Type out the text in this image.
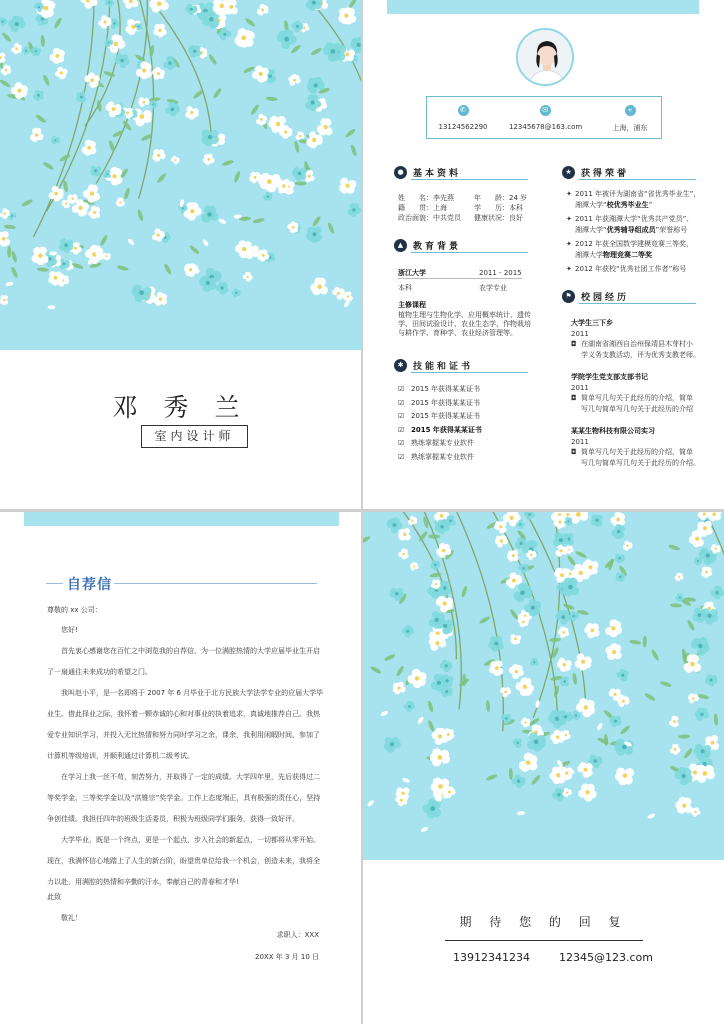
邓 秀 兰
室内设计师
✆
13124562290
✉
12345678@163.com
⌖
上海，浦东
●	基本资料
姓　　名：李先燕	年　　龄：24 岁
籍　　贯：上海	学　　历：本科
政治面貌：中共党员 健康状况：良好
▲	教育背景
浙江大学	2011 - 2015
本科	农学专业
主修课程
植物生理与生物化学、应用概率统计、遗传
学、田间试验设计、农业生态学、作物栽培
与耕作学、育种学、农业经济管理等。
✱	技能和证书
★	获得荣誉
⚑	校园经历
☑ 2015 年获得某某证书
☑ 2015 年获得某某证书
☑ 2015 年获得某某证书
☑ 2015 年获得某某证书
☑ 熟练掌握某专业软件
☑ 熟练掌握某专业软件
✦ 2011 年被评为湖南省“省优秀毕业生”，
湘潭大学“校优秀毕业生”
✦ 2011 年获湘潭大学“优秀共产党员”、
湘潭大学“优秀辅导组成员”荣誉称号
✦ 2012 年获全国数学建模竞赛三等奖，
湘潭大学物理竞赛二等奖
✦ 2012 年获校“优秀社团工作者”称号
大学生三下乡
2011
◘ 在湖南省湘西自治州保靖县木芽村小
学义务支教活动，评为优秀支教老师。
学院学生党支部支部书记
2011
◘ 简单写几句关于此经历的介绍，简单
写几句简单写几句关于此经历的介绍
某某生物科技有限公司实习
2011
◘ 简单写几句关于此经历的介绍，简单
写几句简单写几句关于此经历的介绍。
自荐信
尊敬的 xx 公司：
您好!
首先衷心感谢您在百忙之中浏览我的自荐信，为一位满腔热情的大学应届毕业生开启了一扇通往未来成功的希望之门。
我叫赵小平，是一名即将于 2007 年 6 月毕业于北方民族大学法学专业的应届大学毕业生。借此择业之际，我怀着一颗赤诚的心和对事业的执着追求，真诚地推荐自己。我热爱专业知识学习，并投入无比热情和努力同时学习之余，课余，我利用闲暇时间，参加了计算机等级培训，并顺利通过计算机二级考试。
在学习上我一丝不苟，刻苦努力，并取得了一定的成绩。大学四年里，先后获得过二等奖学金、三等奖学金以及“洪锥宗”奖学金。工作上态度端正，具有极强的责任心，坚持争创佳绩。我担任四年的班级生活委员，积极为班级同学们服务，获得一致好评。
大学毕业，既是一个终点，更是一个起点，步入社会的新起点，一切都将从零开始。现在，我满怀信心地踏上了人生的新台阶，盼望贵单位给我一个机会，创造未来，我将全力以赴，用满腔的热情和辛勤的汗水，奉献自己的青春和才华!
此致
敬礼！
求职人：XXX
20XX 年 3 月 10 日
期 待 您 的 回 复
13912341234	12345@123.com
